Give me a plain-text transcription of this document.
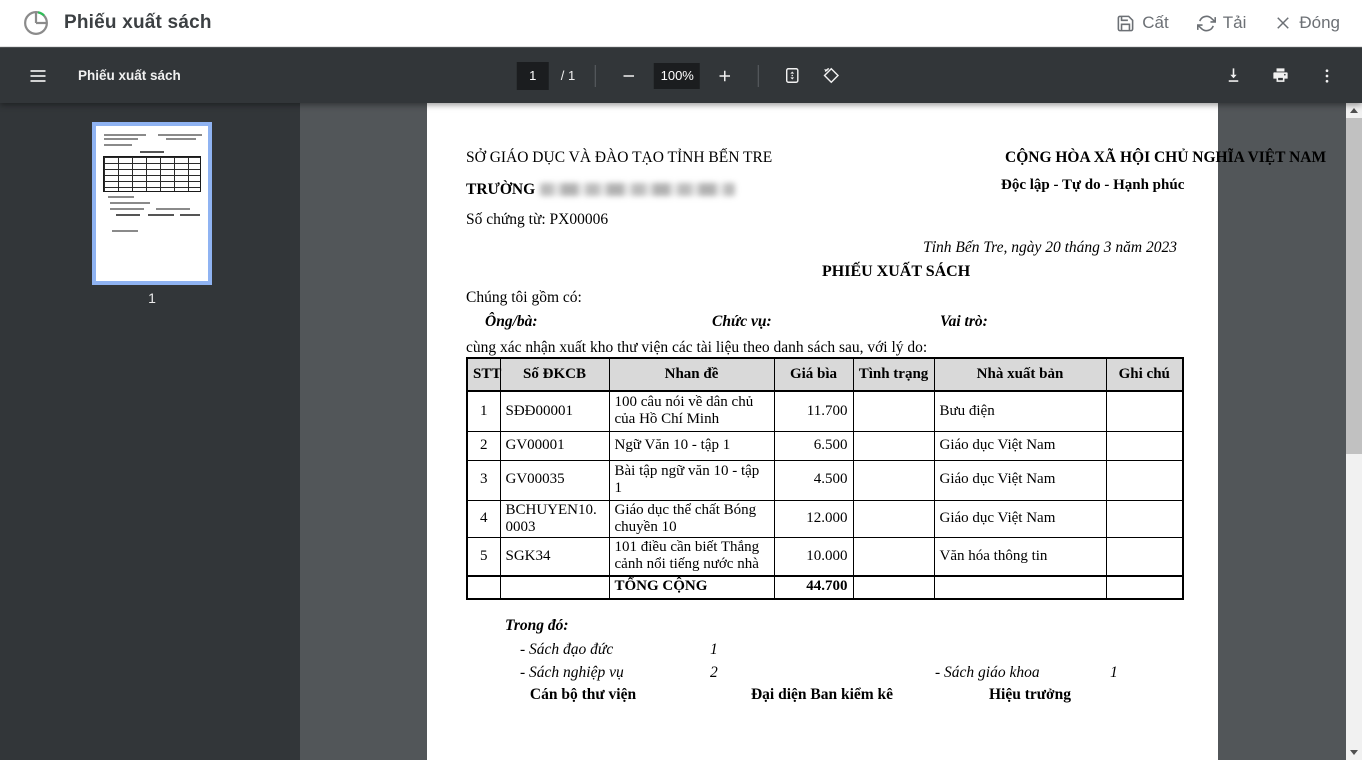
Phiếu xuất sách	Cất	Tải	Đóng
Phiếu xuất sách
1	/ 1	100%
1
SỞ GIÁO DỤC VÀ ĐÀO TẠO TỈNH BẾN TRE	CỘNG HÒA XÃ HỘI CHỦ NGHĨA VIỆT NAM
TRƯỜNG	Độc lập - Tự do - Hạnh phúc
Số chứng từ: PX00006
Tỉnh Bến Tre, ngày 20 tháng 3 năm 2023
PHIẾU XUẤT SÁCH
Chúng tôi gồm có:
Ông/bà:	Chức vụ:	Vai trò:
cùng xác nhận xuất kho thư viện các tài liệu theo danh sách sau, với lý do:
STT	Số ĐKCB	Nhan đề	Giá bìa	Tình trạng	Nhà xuất bản	Ghi chú
1	SĐĐ00001	100 câu nói về dân chủ của Hồ Chí Minh	11.700		Bưu điện	
2	GV00001	Ngữ Văn 10 - tập 1	6.500		Giáo dục Việt Nam	
3	GV00035	Bài tập ngữ văn 10 - tập 1	4.500		Giáo dục Việt Nam	
4	BCHUYEN10.0003	Giáo dục thể chất Bóng chuyền 10	12.000		Giáo dục Việt Nam	
5	SGK34	101 điều cần biết Thắng cảnh nổi tiếng nước nhà	10.000		Văn hóa thông tin	
		TỔNG CỘNG	44.700			
Trong đó:
- Sách đạo đức	1
- Sách nghiệp vụ	2	- Sách giáo khoa	1
Cán bộ thư viện	Đại diện Ban kiểm kê	Hiệu trưởng
